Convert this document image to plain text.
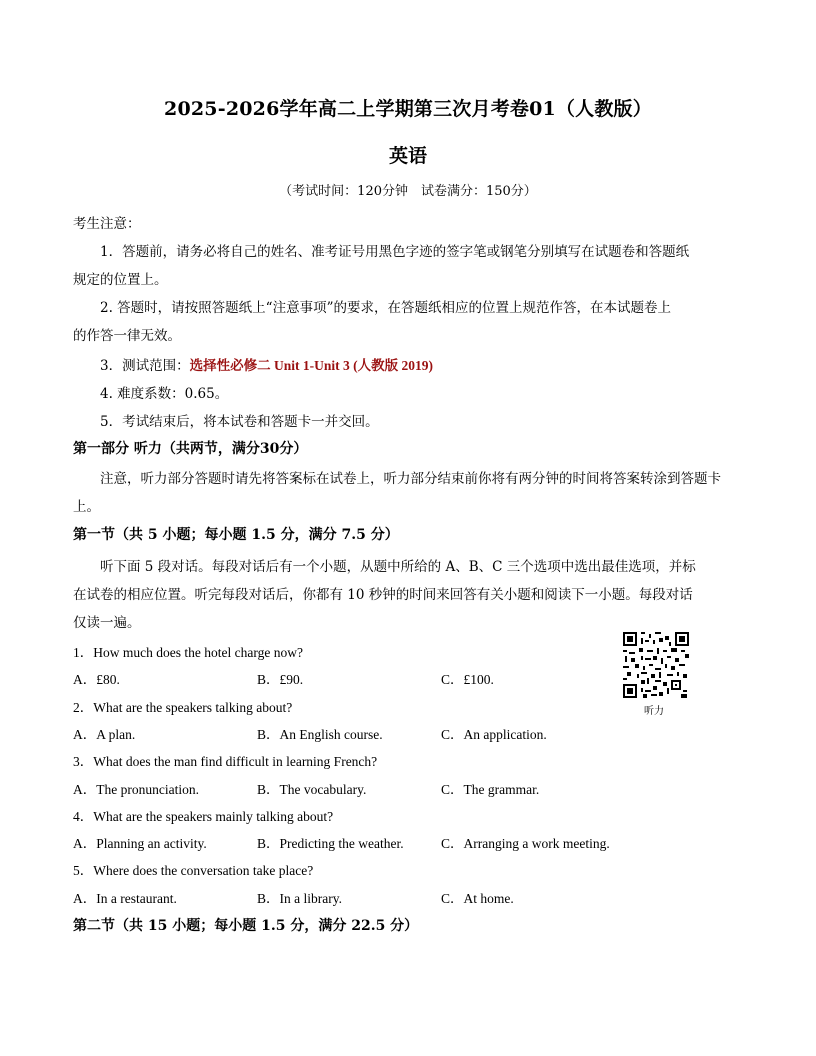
2025-2026学年高二上学期第三次月考卷01（人教版）
英语
（考试时间：120分钟　试卷满分：150分）
考生注意：
1．答题前，请务必将自己的姓名、准考证号用黑色字迹的签字笔或钢笔分别填写在试题卷和答题纸
规定的位置上。
2. 答题时，请按照答题纸上“注意事项”的要求，在答题纸相应的位置上规范作答，在本试题卷上
的作答一律无效。
3．测试范围：选择性必修二 Unit 1-Unit 3 (人教版 2019)
4. 难度系数：0.65。
5．考试结束后，将本试卷和答题卡一并交回。
第一部分 听力（共两节，满分30分）
注意，听力部分答题时请先将答案标在试卷上，听力部分结束前你将有两分钟的时间将答案转涂到答题卡
上。
第一节（共 5 小题；每小题 1.5 分，满分 7.5 分）
听下面 5 段对话。每段对话后有一个小题，从题中所给的 A、B、C 三个选项中选出最佳选项，并标
在试卷的相应位置。听完每段对话后，你都有 10 秒钟的时间来回答有关小题和阅读下一小题。每段对话
仅读一遍。
1．How much does the hotel charge now?
A．£80.	B．£90.	C．£100.
2．What are the speakers talking about?
A．A plan.	B．An English course.	C．An application.
3．What does the man find difficult in learning French?
A．The pronunciation.	B．The vocabulary.	C．The grammar.
4．What are the speakers mainly talking about?
A．Planning an activity.	B．Predicting the weather.	C．Arranging a work meeting.
5．Where does the conversation take place?
A．In a restaurant.	B．In a library.	C．At home.
第二节（共 15 小题；每小题 1.5 分，满分 22.5 分）
听力
